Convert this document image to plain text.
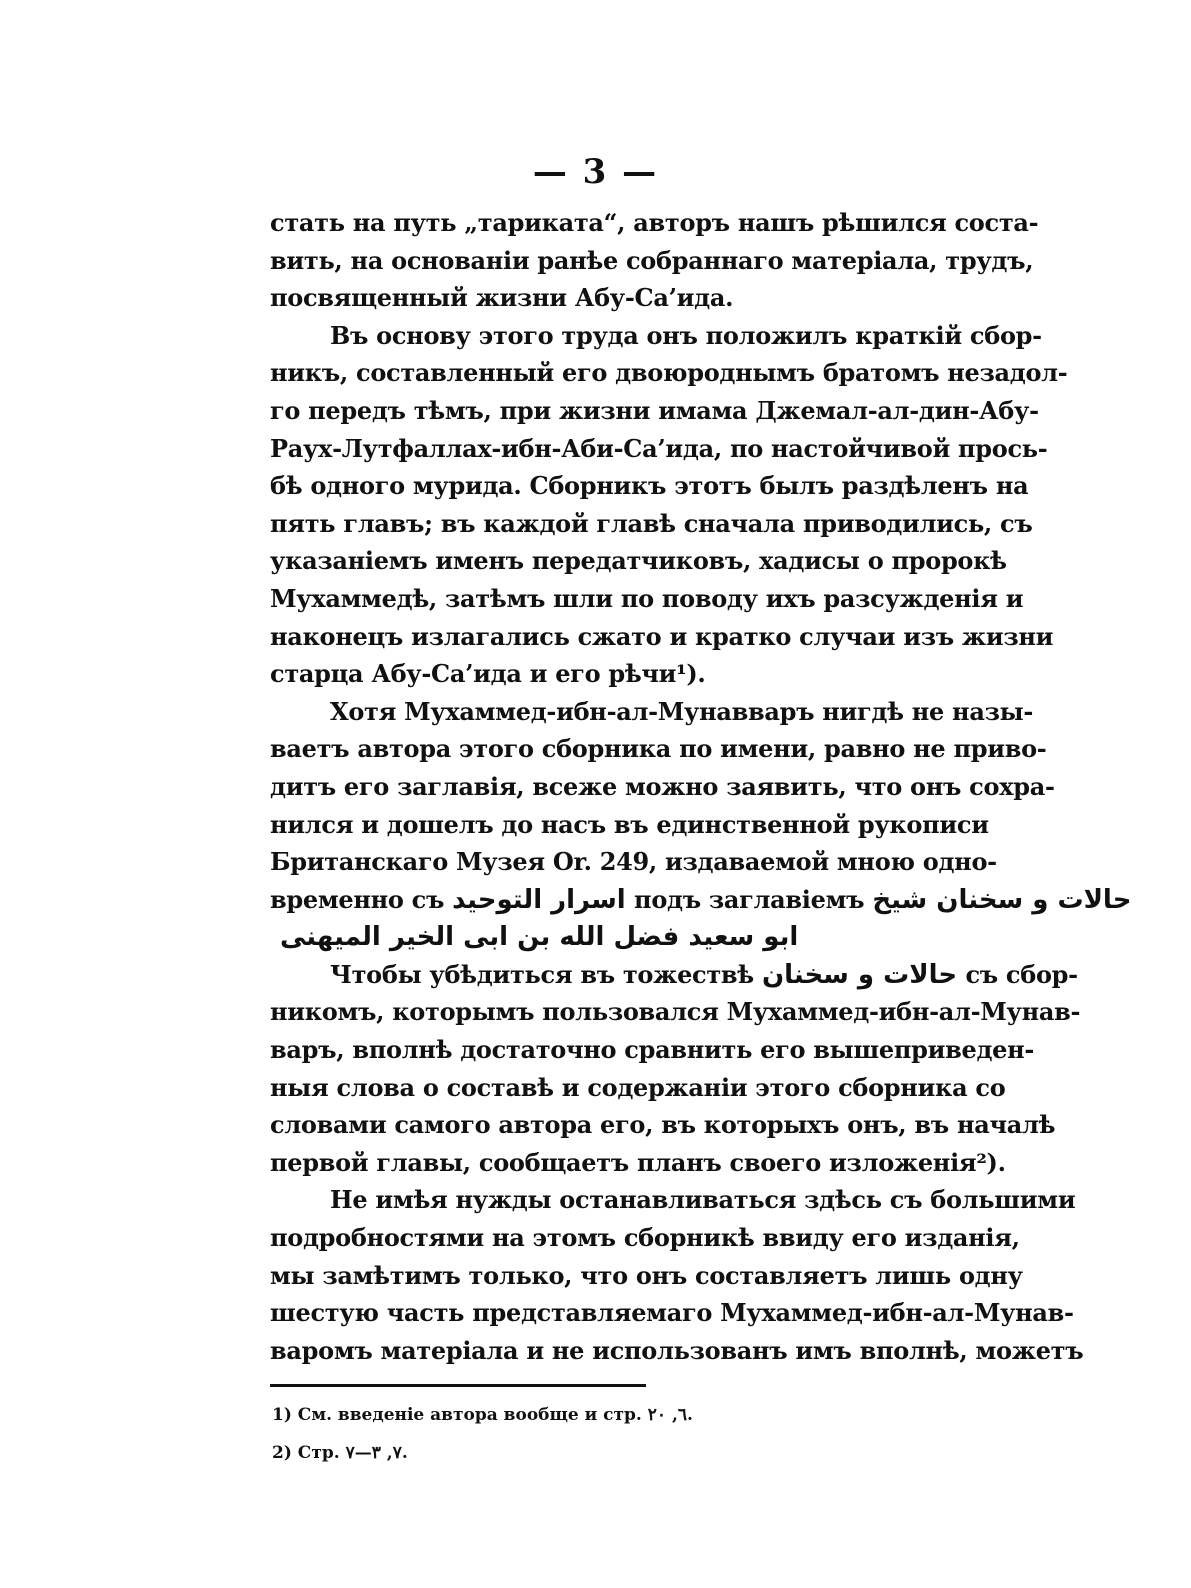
— 3 —
стать на путь „тариката“, авторъ нашъ рѣшился соста-
вить, на основаніи ранѣе собраннаго матеріала, трудъ,
посвященный жизни Абу-Са’ида.
Въ основу этого труда онъ положилъ краткій сбор-
никъ, составленный его двоюроднымъ братомъ незадол-
го передъ тѣмъ, при жизни имама Джемал-ал-дин-Абу-
Раух-Лутфаллах-ибн-Аби-Са’ида, по настойчивой прось-
бѣ одного мурида. Сборникъ этотъ былъ раздѣленъ на
пять главъ; въ каждой главѣ сначала приводились, съ
указаніемъ именъ передатчиковъ, хадисы о пророкѣ
Мухаммедѣ, затѣмъ шли по поводу ихъ разсужденія и
наконецъ излагались сжато и кратко случаи изъ жизни
старца Абу-Са’ида и его рѣчи¹).
Хотя Мухаммед-ибн-ал-Мунавваръ нигдѣ не назы-
ваетъ автора этого сборника по имени, равно не приво-
дитъ его заглавія, всеже можно заявить, что онъ сохра-
нился и дошелъ до насъ въ единственной рукописи
Британскаго Музея Or. 249, издаваемой мною одно-
временно съ اسرار التوحيد подъ заглавіемъ حالات و سخنان شيخ
ابو سعيد فضل الله بن ابى الخير الميهنى
Чтобы убѣдиться въ тожествѣ حالات و سخنان съ сбор-
никомъ, которымъ пользовался Мухаммед-ибн-ал-Мунав-
варъ, вполнѣ достаточно сравнить его вышеприведен-
ныя слова о составѣ и содержаніи этого сборника со
словами самого автора его, въ которыхъ онъ, въ началѣ
первой главы, сообщаетъ планъ своего изложенія²).
Не имѣя нужды останавливаться здѣсь съ большими
подробностями на этомъ сборникѣ ввиду его изданія,
мы замѣтимъ только, что онъ составляетъ лишь одну
шестую часть представляемаго Мухаммед-ибн-ал-Мунав-
варомъ матеріала и не использованъ имъ вполнѣ, можетъ
1) См. введеніе автора вообще и стр. ٦, ٢٠.
2) Стр. ٧, ٣—٧.
